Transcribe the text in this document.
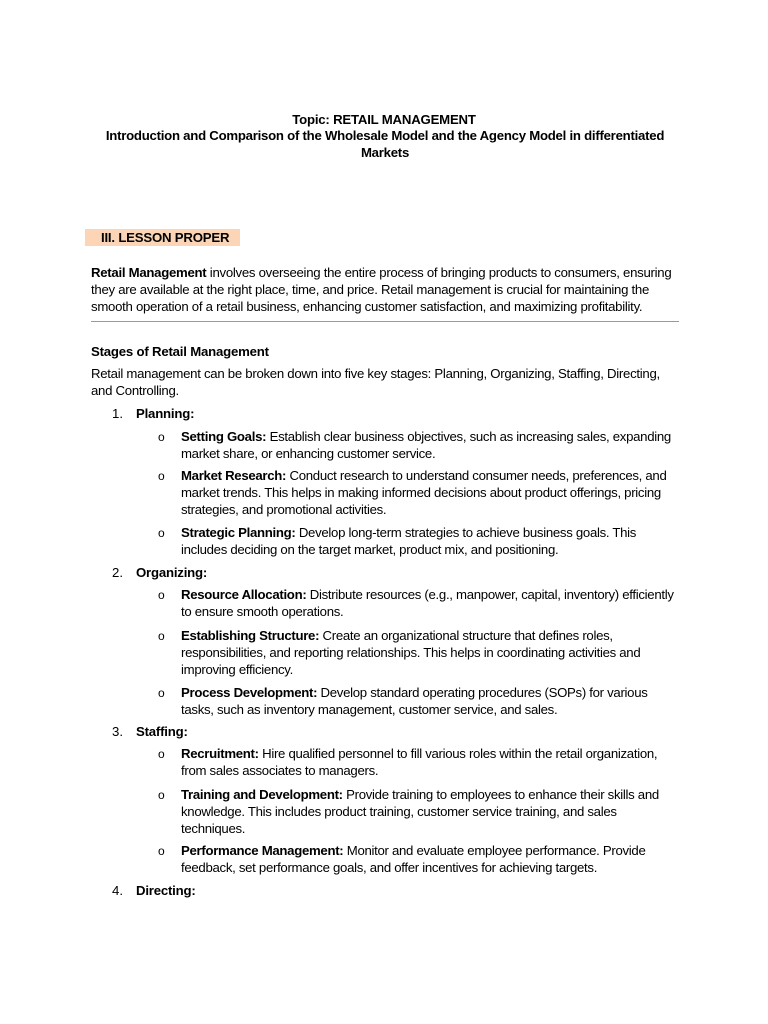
Topic: RETAIL MANAGEMENT
Introduction and Comparison of the Wholesale Model and the Agency Model in differentiated Markets
III. LESSON PROPER
Retail Management involves overseeing the entire process of bringing products to consumers, ensuring they are available at the right place, time, and price. Retail management is crucial for maintaining the smooth operation of a retail business, enhancing customer satisfaction, and maximizing profitability.
Stages of Retail Management
Retail management can be broken down into five key stages: Planning, Organizing, Staffing, Directing, and Controlling.
1. Planning:
o Setting Goals: Establish clear business objectives, such as increasing sales, expanding market share, or enhancing customer service.
o Market Research: Conduct research to understand consumer needs, preferences, and market trends. This helps in making informed decisions about product offerings, pricing strategies, and promotional activities.
o Strategic Planning: Develop long-term strategies to achieve business goals. This includes deciding on the target market, product mix, and positioning.
2. Organizing:
o Resource Allocation: Distribute resources (e.g., manpower, capital, inventory) efficiently to ensure smooth operations.
o Establishing Structure: Create an organizational structure that defines roles, responsibilities, and reporting relationships. This helps in coordinating activities and improving efficiency.
o Process Development: Develop standard operating procedures (SOPs) for various tasks, such as inventory management, customer service, and sales.
3. Staffing:
o Recruitment: Hire qualified personnel to fill various roles within the retail organization, from sales associates to managers.
o Training and Development: Provide training to employees to enhance their skills and knowledge. This includes product training, customer service training, and sales techniques.
o Performance Management: Monitor and evaluate employee performance. Provide feedback, set performance goals, and offer incentives for achieving targets.
4. Directing:
